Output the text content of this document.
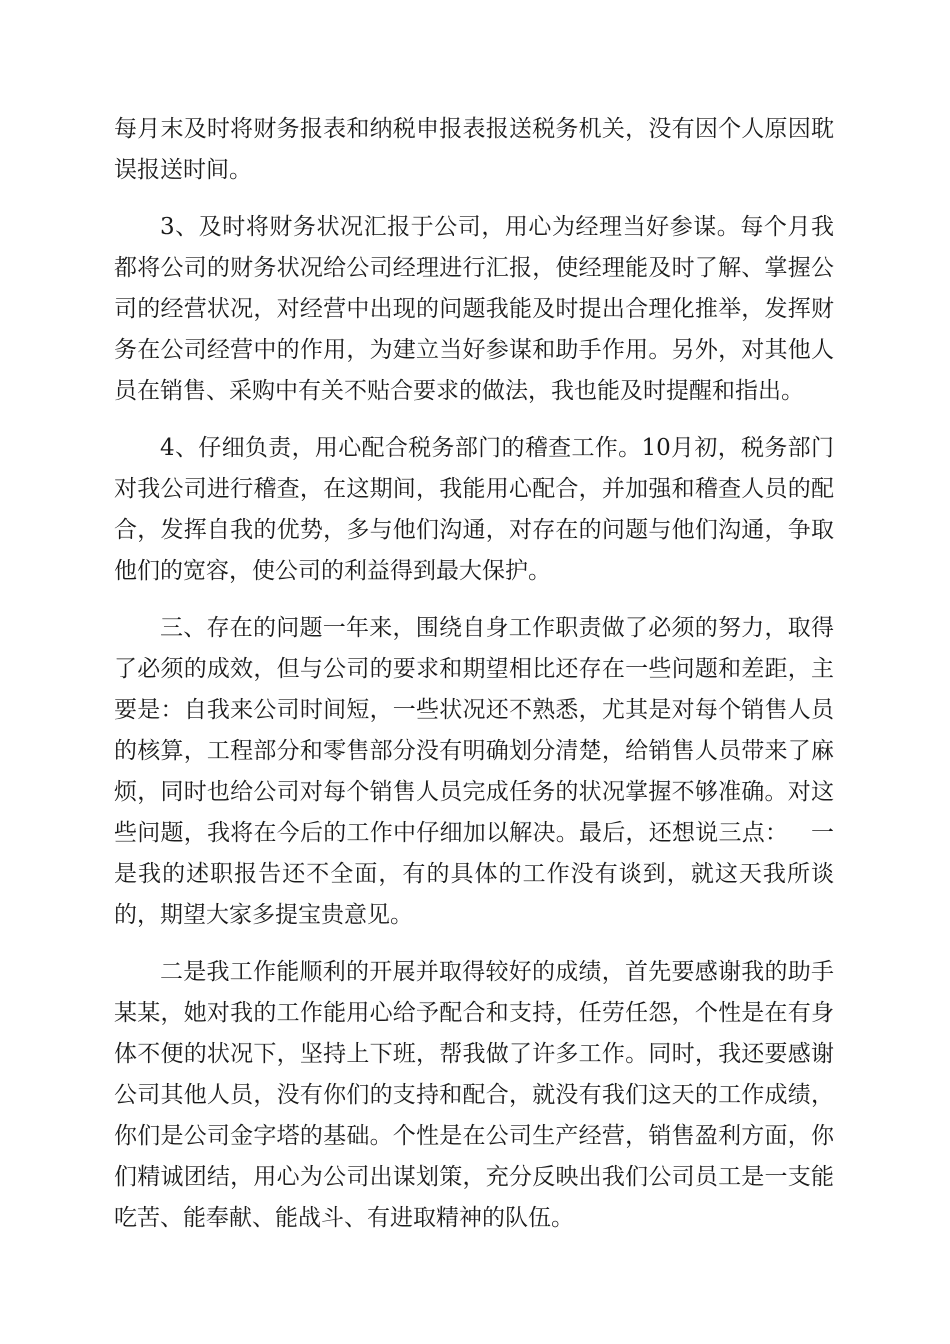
每月末及时将财务报表和纳税申报表报送税务机关，没有因个人原因耽误报送时间。

3、及时将财务状况汇报于公司，用心为经理当好参谋。每个月我都将公司的财务状况给公司经理进行汇报，使经理能及时了解、掌握公司的经营状况，对经营中出现的问题我能及时提出合理化推举，发挥财务在公司经营中的作用，为建立当好参谋和助手作用。另外，对其他人员在销售、采购中有关不贴合要求的做法，我也能及时提醒和指出。

4、仔细负责，用心配合税务部门的稽查工作。10月初，税务部门对我公司进行稽查，在这期间，我能用心配合，并加强和稽查人员的配合，发挥自我的优势，多与他们沟通，对存在的问题与他们沟通，争取他们的宽容，使公司的利益得到最大保护。

三、存在的问题一年来，围绕自身工作职责做了必须的努力，取得了必须的成效，但与公司的要求和期望相比还存在一些问题和差距，主要是：自我来公司时间短，一些状况还不熟悉，尤其是对每个销售人员的核算，工程部分和零售部分没有明确划分清楚，给销售人员带来了麻烦，同时也给公司对每个销售人员完成任务的状况掌握不够准确。对这些问题，我将在今后的工作中仔细加以解决。最后，还想说三点：   一是我的述职报告还不全面，有的具体的工作没有谈到，就这天我所谈的，期望大家多提宝贵意见。

二是我工作能顺利的开展并取得较好的成绩，首先要感谢我的助手某某，她对我的工作能用心给予配合和支持，任劳任怨，个性是在有身体不便的状况下，坚持上下班，帮我做了许多工作。同时，我还要感谢公司其他人员，没有你们的支持和配合，就没有我们这天的工作成绩，你们是公司金字塔的基础。个性是在公司生产经营，销售盈利方面，你们精诚团结，用心为公司出谋划策，充分反映出我们公司员工是一支能吃苦、能奉献、能战斗、有进取精神的队伍。
